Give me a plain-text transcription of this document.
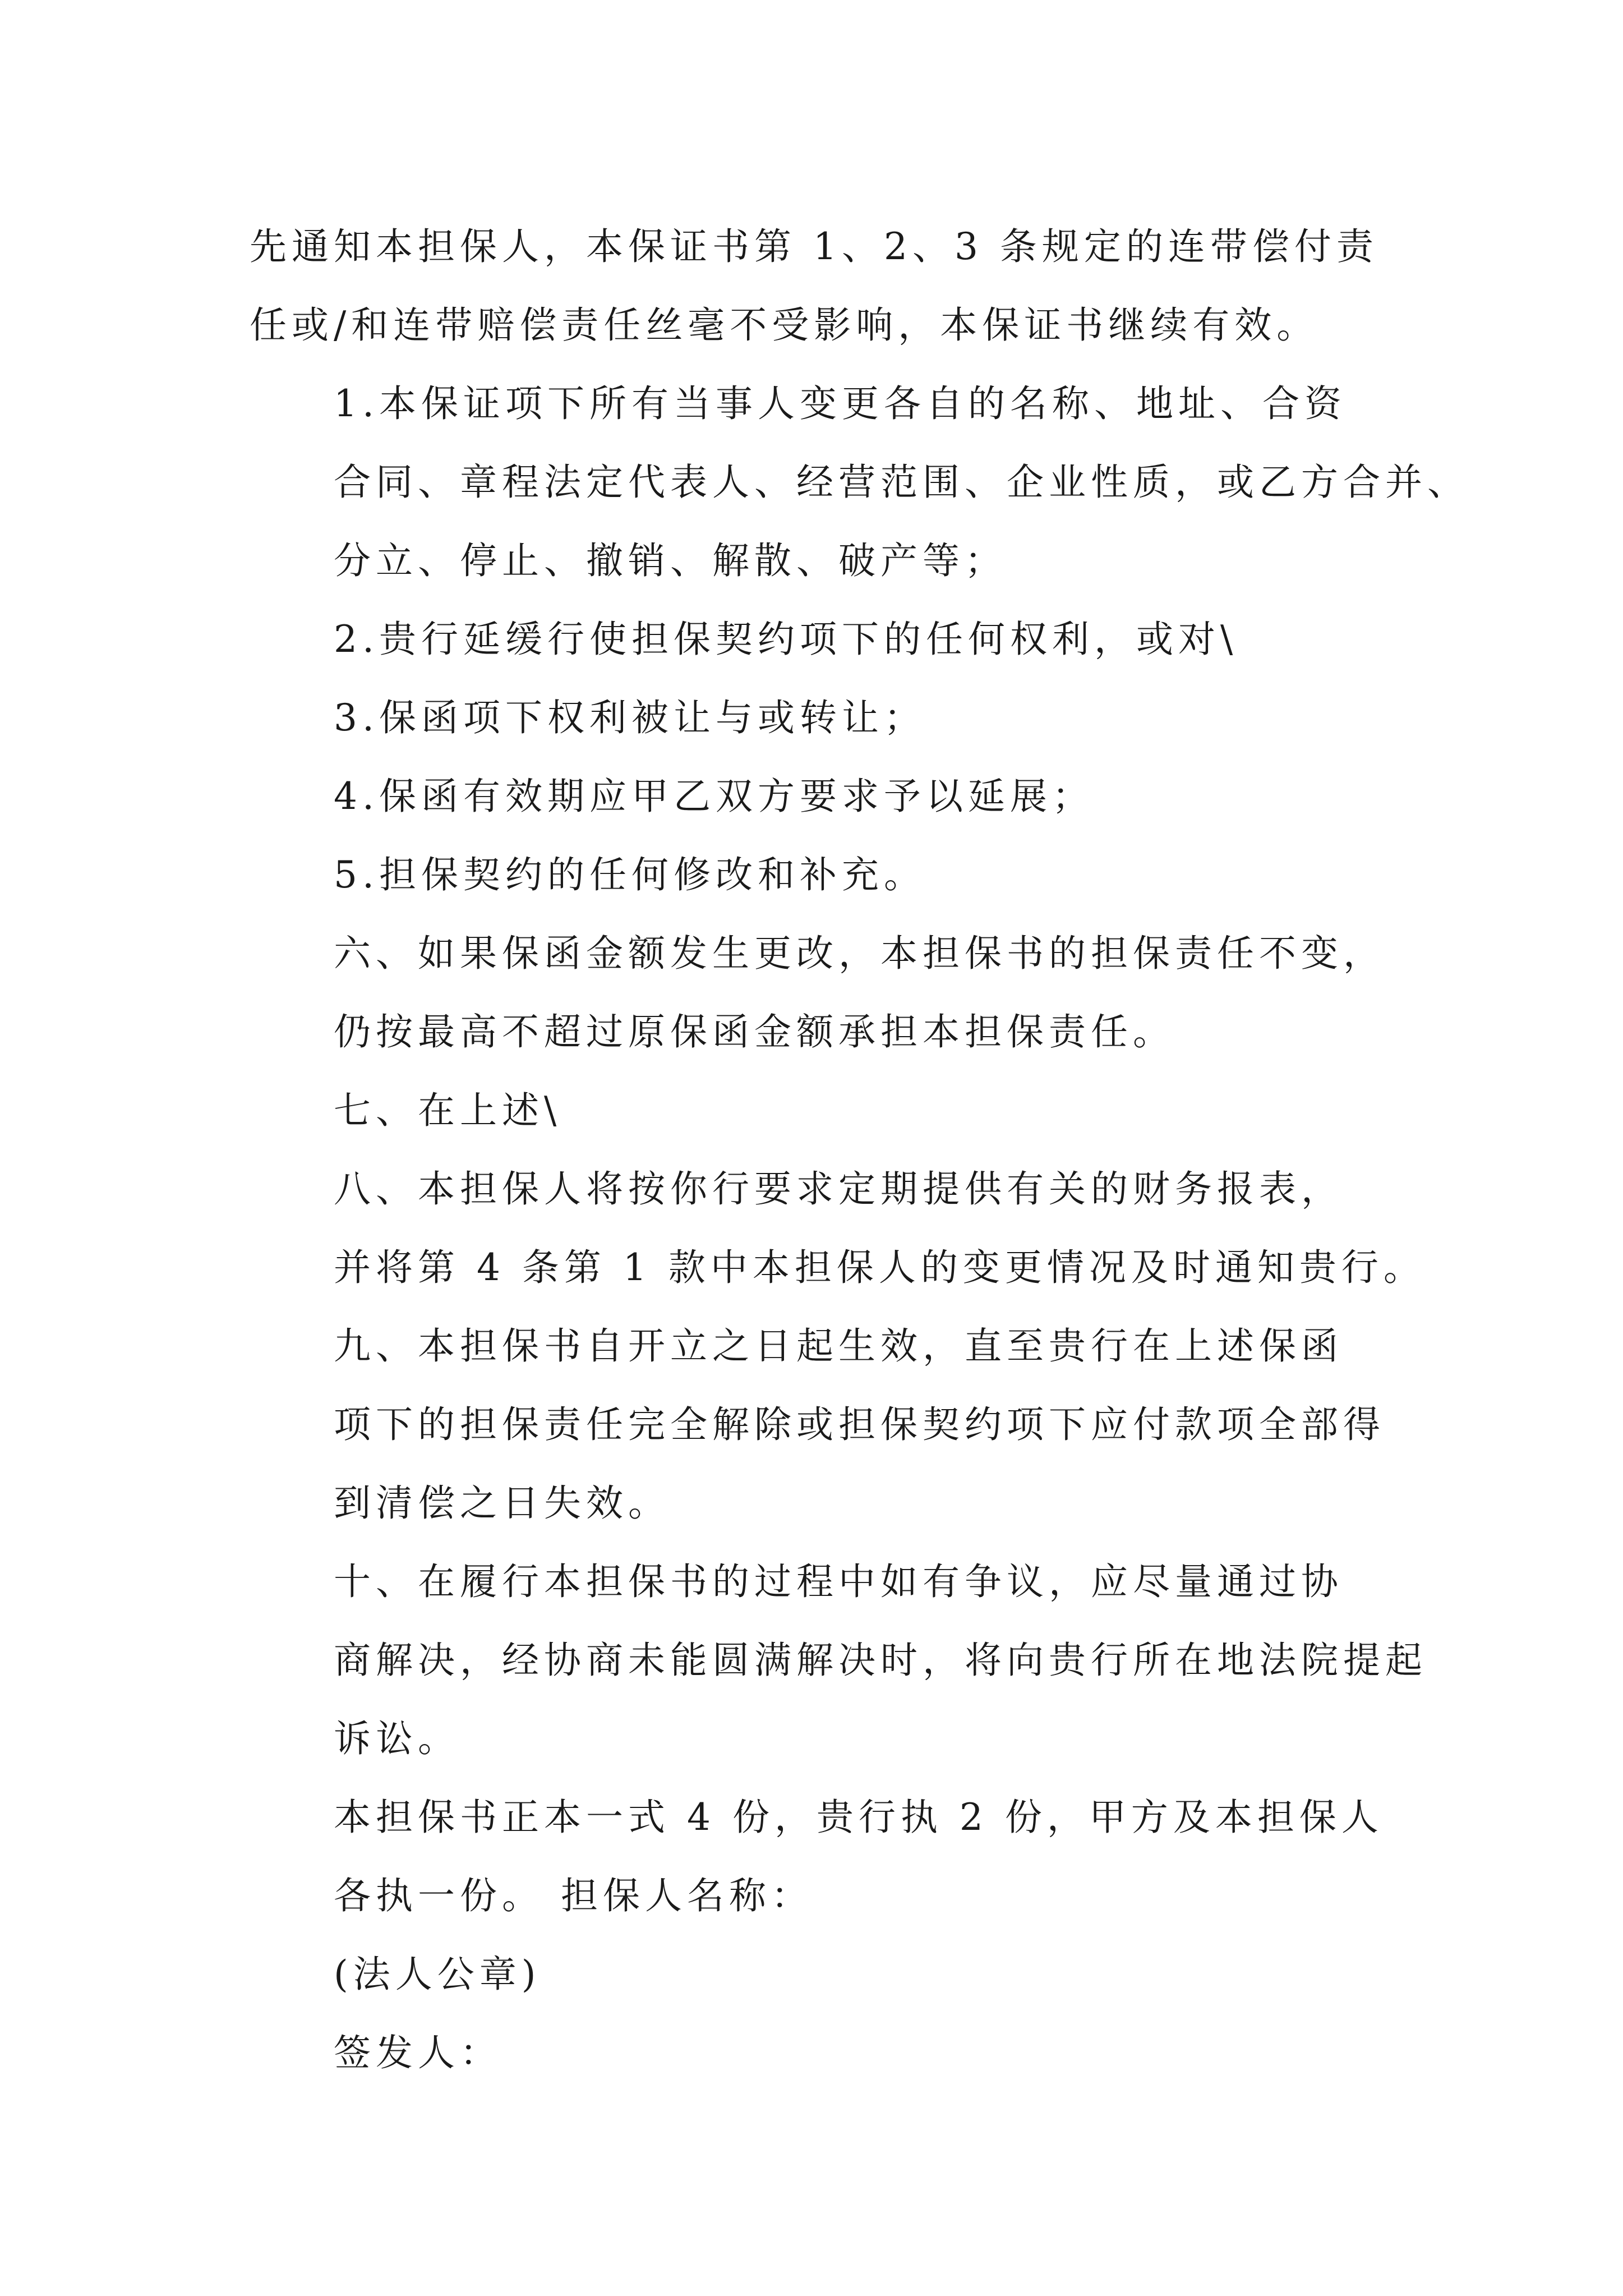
先通知本担保人，本保证书第 1、2、3 条规定的连带偿付责
任或/和连带赔偿责任丝毫不受影响，本保证书继续有效。

1.本保证项下所有当事人变更各自的名称、地址、合资
合同、章程法定代表人、经营范围、企业性质，或乙方合并、
分立、停止、撤销、解散、破产等；

2.贵行延缓行使担保契约项下的任何权利，或对\

3.保函项下权利被让与或转让；

4.保函有效期应甲乙双方要求予以延展；

5.担保契约的任何修改和补充。

六、如果保函金额发生更改，本担保书的担保责任不变，
仍按最高不超过原保函金额承担本担保责任。

七、在上述\

八、本担保人将按你行要求定期提供有关的财务报表，
并将第 4 条第 1 款中本担保人的变更情况及时通知贵行。

九、本担保书自开立之日起生效，直至贵行在上述保函
项下的担保责任完全解除或担保契约项下应付款项全部得
到清偿之日失效。

十、在履行本担保书的过程中如有争议，应尽量通过协
商解决，经协商未能圆满解决时，将向贵行所在地法院提起
诉讼。

本担保书正本一式 4 份，贵行执 2 份，甲方及本担保人
各执一份。 担保人名称：

(法人公章)

签发人：
